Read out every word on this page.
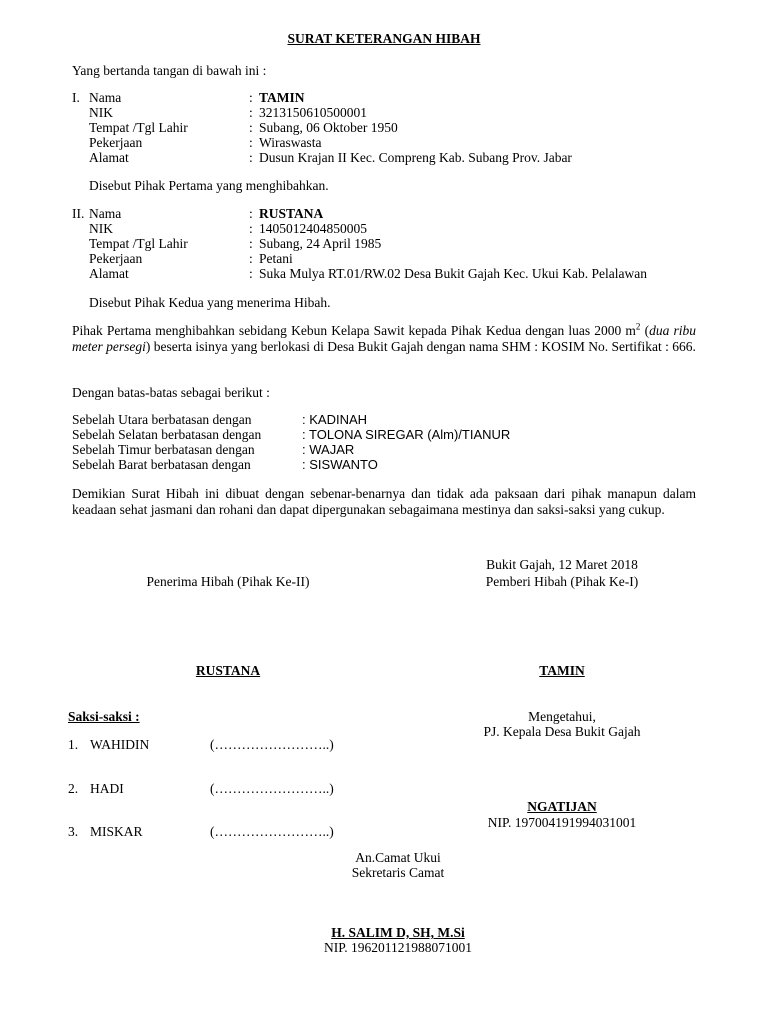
SURAT KETERANGAN HIBAH
Yang bertanda tangan di bawah ini :
I. Nama	: TAMIN
NIK	: 3213150610500001
Tempat /Tgl Lahir	: Subang, 06 Oktober 1950
Pekerjaan	: Wiraswasta
Alamat	: Dusun Krajan II Kec. Compreng Kab. Subang Prov. Jabar
Disebut Pihak Pertama yang menghibahkan.
II. Nama	: RUSTANA
NIK	: 1405012404850005
Tempat /Tgl Lahir	: Subang, 24 April 1985
Pekerjaan	: Petani
Alamat	: Suka Mulya RT.01/RW.02 Desa Bukit Gajah Kec. Ukui Kab. Pelalawan
Disebut Pihak Kedua yang menerima Hibah.
Pihak Pertama menghibahkan sebidang Kebun Kelapa Sawit kepada Pihak Kedua dengan luas 2000 $m^2$ (dua ribu meter persegi) beserta isinya yang berlokasi di Desa Bukit Gajah dengan nama SHM : KOSIM No. Sertifikat : 666.
Dengan batas-batas sebagai berikut :
Sebelah Utara berbatasan dengan	: KADINAH
Sebelah Selatan berbatasan dengan	: TOLONA SIREGAR (Alm)/TIANUR
Sebelah Timur berbatasan dengan	: WAJAR
Sebelah Barat berbatasan dengan	: SISWANTO
Demikian Surat Hibah ini dibuat dengan sebenar-benarnya dan tidak ada paksaan dari pihak manapun dalam keadaan sehat jasmani dan rohani dan dapat dipergunakan sebagaimana mestinya dan saksi-saksi yang cukup.
Bukit Gajah, 12 Maret 2018
Penerima Hibah (Pihak Ke-II)	Pemberi Hibah (Pihak Ke-I)
RUSTANA	TAMIN
Saksi-saksi :
1. WAHIDIN	(……………………..)
2. HADI	(……………………..)
3. MISKAR	(……………………..)
Mengetahui,
PJ. Kepala Desa Bukit Gajah
NGATIJAN
NIP. 197004191994031001
An.Camat Ukui
Sekretaris Camat
H. SALIM D, SH, M.Si
NIP. 196201121988071001
